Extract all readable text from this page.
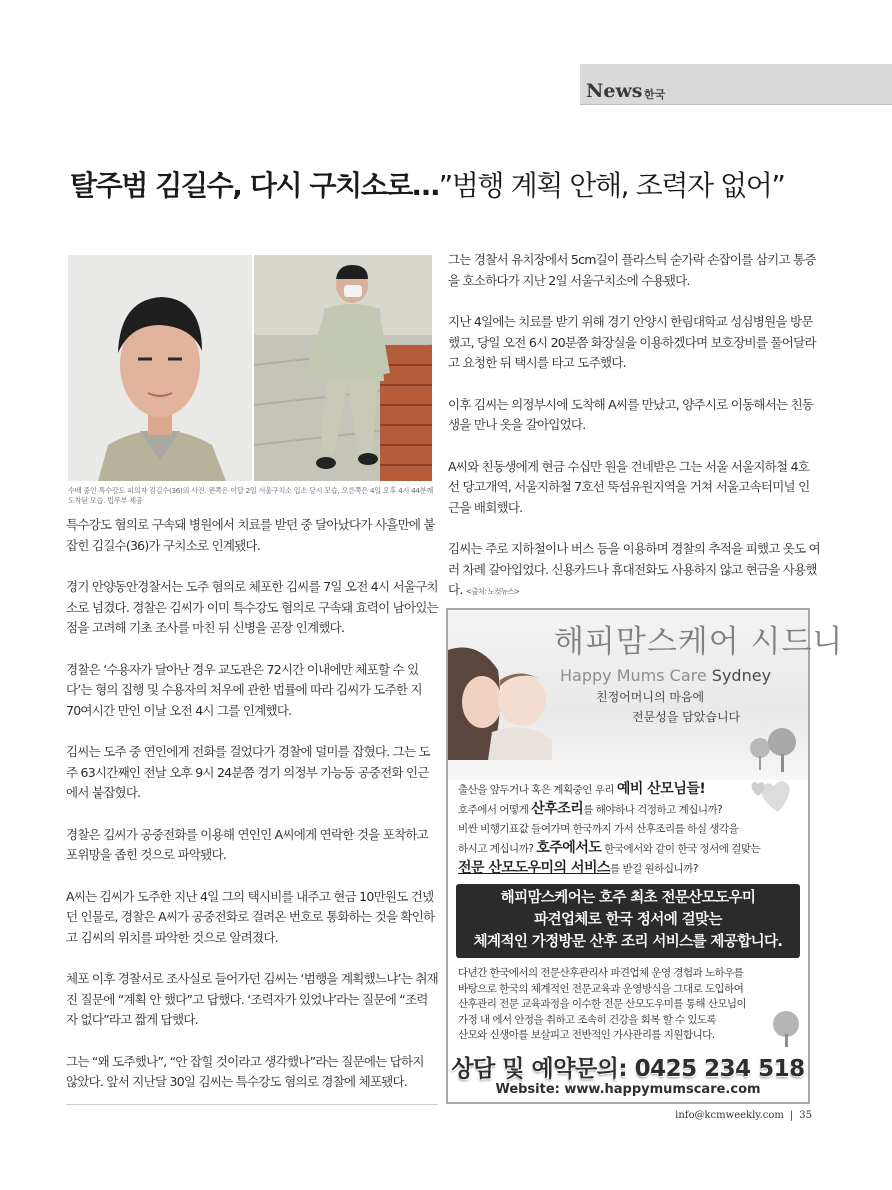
News 한국
탈주범 김길수, 다시 구치소로…”범행 계획 안해, 조력자 없어”
수배 중인 특수강도 피의자 김길수(36)의 사진. 왼쪽은 이달 2일 서울구치소 입소 당시 모습, 오른쪽은 4일 오후 4시 44분께 도착된 모습. 법무부 제공

특수강도 혐의로 구속돼 병원에서 치료를 받던 중 달아났다가 사흘만에 붙잡힌 김길수(36)가 구치소로 인계됐다.

경기 안양동안경찰서는 도주 혐의로 체포한 김씨를 7일 오전 4시 서울구치소로 넘겼다. 경찰은 김씨가 이미 특수강도 혐의로 구속돼 효력이 남아있는 점을 고려해 기초 조사를 마친 뒤 신병을 곧장 인계했다.

경찰은 ‘수용자가 달아난 경우 교도관은 72시간 이내에만 체포할 수 있다’는 형의 집행 및 수용자의 처우에 관한 법률에 따라 김씨가 도주한 지 70여시간 만인 이날 오전 4시 그를 인계했다.

김씨는 도주 중 연인에게 전화를 걸었다가 경찰에 덜미를 잡혔다. 그는 도주 63시간째인 전날 오후 9시 24분쯤 경기 의정부 가능동 공중전화 인근에서 붙잡혔다.

경찰은 김씨가 공중전화를 이용해 연인인 A씨에게 연락한 것을 포착하고 포위망을 좁힌 것으로 파악됐다.

A씨는 김씨가 도주한 지난 4일 그의 택시비를 내주고 현금 10만원도 건넸던 인물로, 경찰은 A씨가 공중전화로 걸려온 번호로 통화하는 것을 확인하고 김씨의 위치를 파악한 것으로 알려졌다.

체포 이후 경찰서로 조사실로 들어가던 김씨는 ‘범행을 계획했느냐’는 취재진 질문에 “계획 안 했다”고 답했다. ‘조력자가 있었냐’라는 질문에 “조력자 없다”라고 짧게 답했다.

그는 “왜 도주했나”, “안 잡힐 것이라고 생각했나”라는 질문에는 답하지 않았다. 앞서 지난달 30일 김씨는 특수강도 혐의로 경찰에 체포됐다.

그는 경찰서 유치장에서 5cm길이 플라스틱 숟가락 손잡이를 삼키고 통증을 호소하다가 지난 2일 서울구치소에 수용됐다.

지난 4일에는 치료를 받기 위해 경기 안양시 한림대학교 성심병원을 방문했고, 당일 오전 6시 20분쯤 화장실을 이용하겠다며 보호장비를 풀어달라고 요청한 뒤 택시를 타고 도주했다.

이후 김씨는 의정부시에 도착해 A씨를 만났고, 양주시로 이동해서는 친동생을 만나 옷을 갈아입었다.

A씨와 친동생에게 현금 수십만 원을 건네받은 그는 서울 서울지하철 4호선 당고개역, 서울지하철 7호선 뚝섬유원지역을 거쳐 서울고속터미널 인근을 배회했다.

김씨는 주로 지하철이나 버스 등을 이용하며 경찰의 추적을 피했고 옷도 여러 차례 갈아입었다. 신용카드나 휴대전화도 사용하지 않고 현금을 사용했다. <출처: 노컷뉴스>

해피맘스케어 시드니
Happy Mums Care Sydney
친정어머니의 마음에
전문성을 담았습니다
출산을 앞두거나 혹은 계획중인 우리 예비 산모님들!
호주에서 어떻게 산후조리를 해야하나 걱정하고 계십니까?
비싼 비행기표값 들여가며 한국까지 가서 산후조리를 하실 생각을
하시고 계십니까? 호주에서도 한국에서와 같이 한국 정서에 걸맞는
전문 산모도우미의 서비스를 받길 원하십니까?
해피맘스케어는 호주 최초 전문산모도우미
파견업체로 한국 정서에 걸맞는
체계적인 가정방문 산후 조리 서비스를 제공합니다.
다년간 한국에서의 전문산후관리사 파견업체 운영 경험과 노하우를
바탕으로 한국의 체계적인 전문교육과 운영방식을 그대로 도입하여
산후관리 전문 교육과정을 이수한 전문 산모도우미를 통해 산모님이
가정 내 에서 안정을 취하고 조속히 건강을 회복 할 수 있도록
산모와 신생아를 보살피고 전반적인 가사관리를 지원합니다.
상담 및 예약문의: 0425 234 518
Website: www.happymumscare.com
info@kcmweekly.com | 35
